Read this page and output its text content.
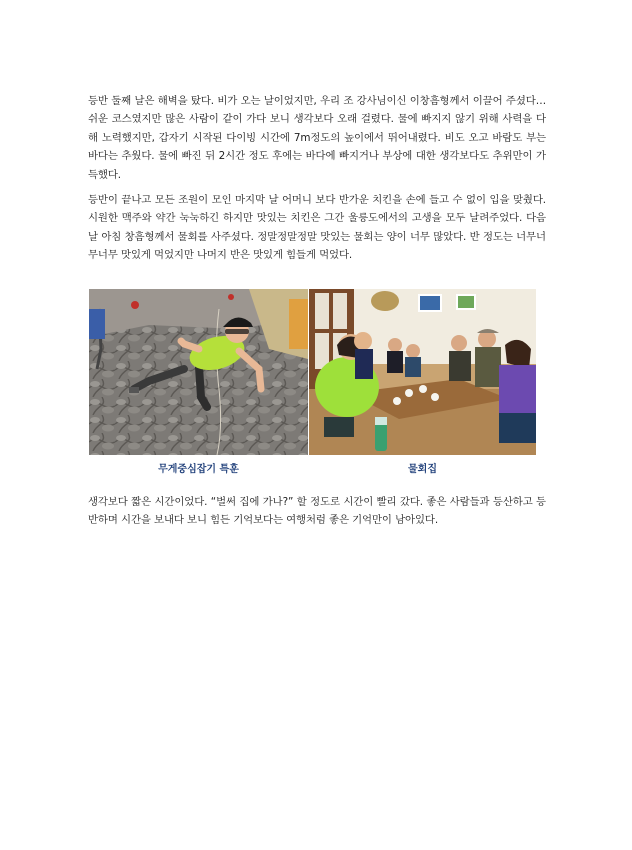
등반 둘째 날은 해벽을 탔다. 비가 오는 날이었지만, 우리 조 강사님이신 이창흠형께서 이끌어 주셨다… 쉬운 코스였지만 많은 사람이 같이 가다 보니 생각보다 오래 걸렸다. 물에 빠지지 않기 위해 사력을 다해 노력했지만, 갑자기 시작된 다이빙 시간에 7m정도의 높이에서 뛰어내렸다. 비도 오고 바람도 부는 바다는 추웠다. 물에 빠진 뒤 2시간 정도 후에는 바다에 빠지거나 부상에 대한 생각보다도 추위만이 가득했다.

등반이 끝나고 모든 조원이 모인 마지막 날 어머니 보다 반가운 치킨을 손에 들고 수 없이 입을 맞췄다. 시원한 맥주와 약간 눅눅하긴 하지만 맛있는 치킨은 그간 울릉도에서의 고생을 모두 날려주었다. 다음날 아침 창흠형께서 물회를 사주셨다. 정말정말정말 맛있는 물회는 양이 너무 많았다. 반 정도는 너무너무너무 맛있게 먹었지만 나머지 반은 맛있게 힘들게 먹었다.

무게중심잡기 특훈	물회집

생각보다 짧은 시간이었다. “벌써 집에 가나?” 할 정도로 시간이 빨리 갔다. 좋은 사람들과 등산하고 등반하며 시간을 보내다 보니 힘든 기억보다는 여행처럼 좋은 기억만이 남아있다.
